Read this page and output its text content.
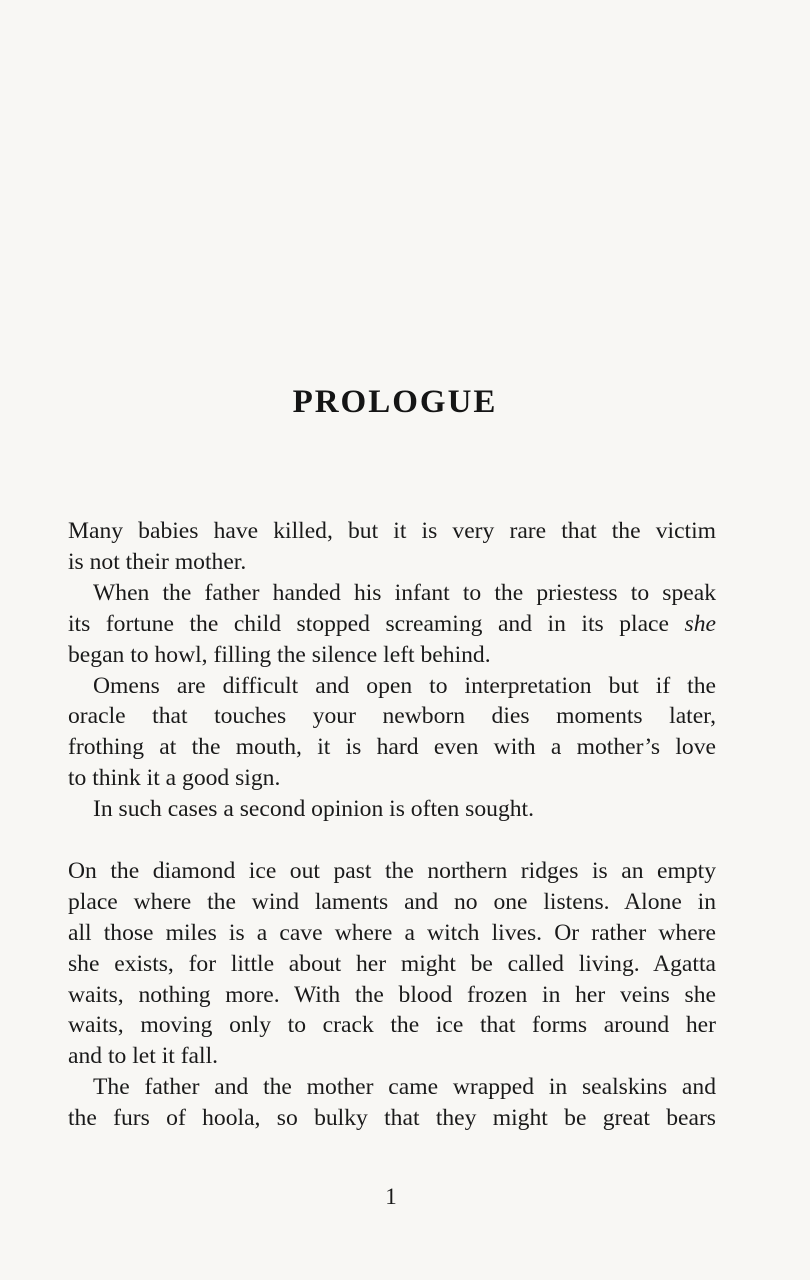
PROLOGUE
Many babies have killed, but it is very rare that the victim
is not their mother.
When the father handed his infant to the priestess to speak
its fortune the child stopped screaming and in its place she
began to howl, filling the silence left behind.
Omens are difficult and open to interpretation but if the
oracle that touches your newborn dies moments later,
frothing at the mouth, it is hard even with a mother’s love
to think it a good sign.
In such cases a second opinion is often sought.
On the diamond ice out past the northern ridges is an empty
place where the wind laments and no one listens. Alone in
all those miles is a cave where a witch lives. Or rather where
she exists, for little about her might be called living. Agatta
waits, nothing more. With the blood frozen in her veins she
waits, moving only to crack the ice that forms around her
and to let it fall.
The father and the mother came wrapped in sealskins and
the furs of hoola, so bulky that they might be great bears
1
